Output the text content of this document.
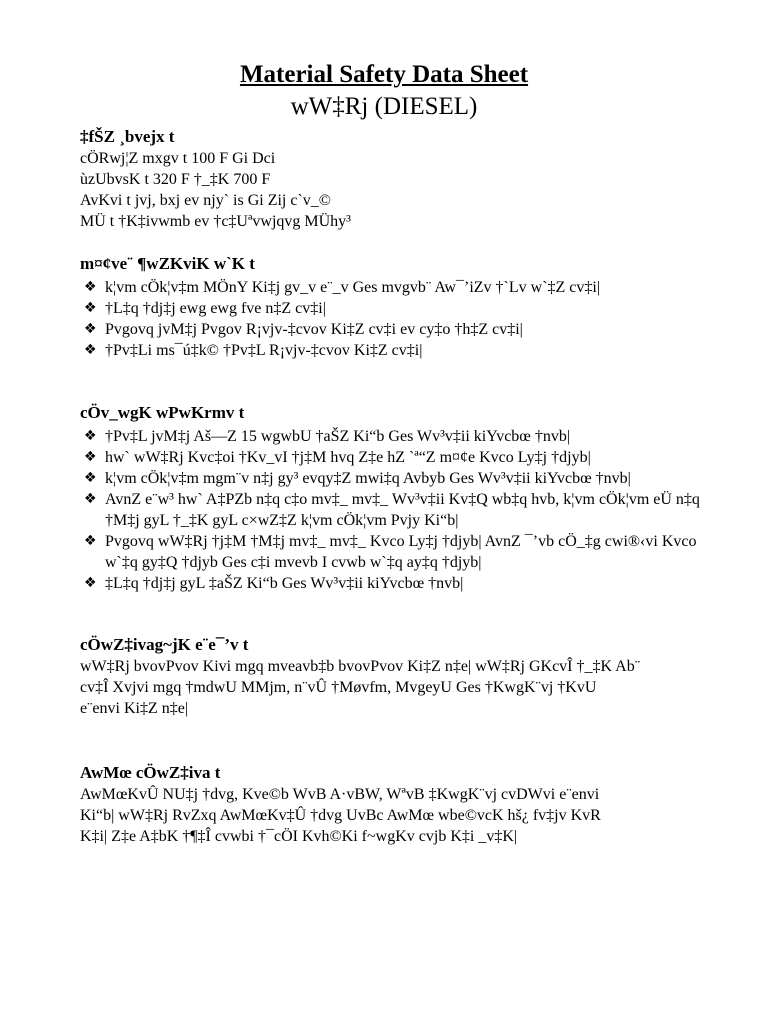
Material Safety Data Sheet
wW‡Rj (DIESEL)

‡fŠZ ¸bvejx t

cÖRwj¦Z mxgv t 100 F Gi Dci

ùzUbvsK t 320 F †_‡K 700 F

AvKvi t jvj, bxj ev njy` is Gi Zij c`v_©

MÜ t †K‡ivwmb ev †c‡Uªvwjqvg MÜhy³

m¤¢ve¨ ¶wZKviK w`K t

❖ k¦vm cÖk¦v‡m MÖnY Ki‡j gv_v e¨_v Ges mvgvb¨ Aw¯’iZv †`Lv w`‡Z cv‡i|
❖ †L‡q †dj‡j ewg ewg fve n‡Z cv‡i|
❖ Pvgovq jvM‡j Pvgov R¡vjv-‡cvov Ki‡Z cv‡i ev cy‡o †h‡Z cv‡i|
❖ †Pv‡Li ms¯ú‡k© †Pv‡L R¡vjv-‡cvov Ki‡Z cv‡i|

cÖv_wgK wPwKrmv t

❖ †Pv‡L jvM‡j Aš—Z 15 wgwbU †aŠZ Ki“b Ges Wv³v‡ii kiYvcbœ †nvb|
❖ hw` wW‡Rj Kvc‡oi †Kv_vI †j‡M hvq Z‡e hZ `ª“Z m¤¢e Kvco Ly‡j †djyb|
❖ k¦vm cÖk¦v‡m mgm¨v n‡j gy³ evqy‡Z mwi‡q Avbyb Ges Wv³v‡ii kiYvcbœ †nvb|
❖ AvnZ e¨w³ hw` A‡PZb n‡q c‡o mv‡_ mv‡_ Wv³v‡ii Kv‡Q wb‡q hvb, k¦vm cÖk¦vm eÜ n‡q †M‡j gyL †_‡K gyL c×wZ‡Z k¦vm cÖk¦vm Pvjy Ki“b|
❖ Pvgovq wW‡Rj †j‡M †M‡j mv‡_ mv‡_ Kvco Ly‡j †djyb| AvnZ ¯’vb cÖ_‡g cwi®‹vi Kvco w`‡q gy‡Q †djyb Ges c‡i mvevb I cvwb w`‡q ay‡q †djyb|
❖ ‡L‡q †dj‡j gyL ‡aŠZ Ki“b Ges Wv³v‡ii kiYvcbœ †nvb|

cÖwZ‡ivag~jK e¨e¯’v t

wW‡Rj bvovPvov Kivi mgq mveavb‡b bvovPvov Ki‡Z n‡e| wW‡Rj GKcvÎ †_‡K Ab¨

cv‡Î Xvjvi mgq †mdwU MMjm, n¨vÛ †Møvfm, MvgeyU Ges †KwgK¨vj †KvU

e¨envi Ki‡Z n‡e|

AwMœ cÖwZ‡iva t

AwMœKvÛ NU‡j †dvg, Kve©b WvB A·vBW, WªvB ‡KwgK¨vj cvDWvi e¨envi

Ki“b| wW‡Rj RvZxq AwMœKv‡Û †dvg UvBc AwMœ wbe©vcK hš¿ fv‡jv KvR

K‡i| Z‡e A‡bK †¶‡Î cvwbi †¯cÖI Kvh©Ki f~wgKv cvjb K‡i _v‡K|
